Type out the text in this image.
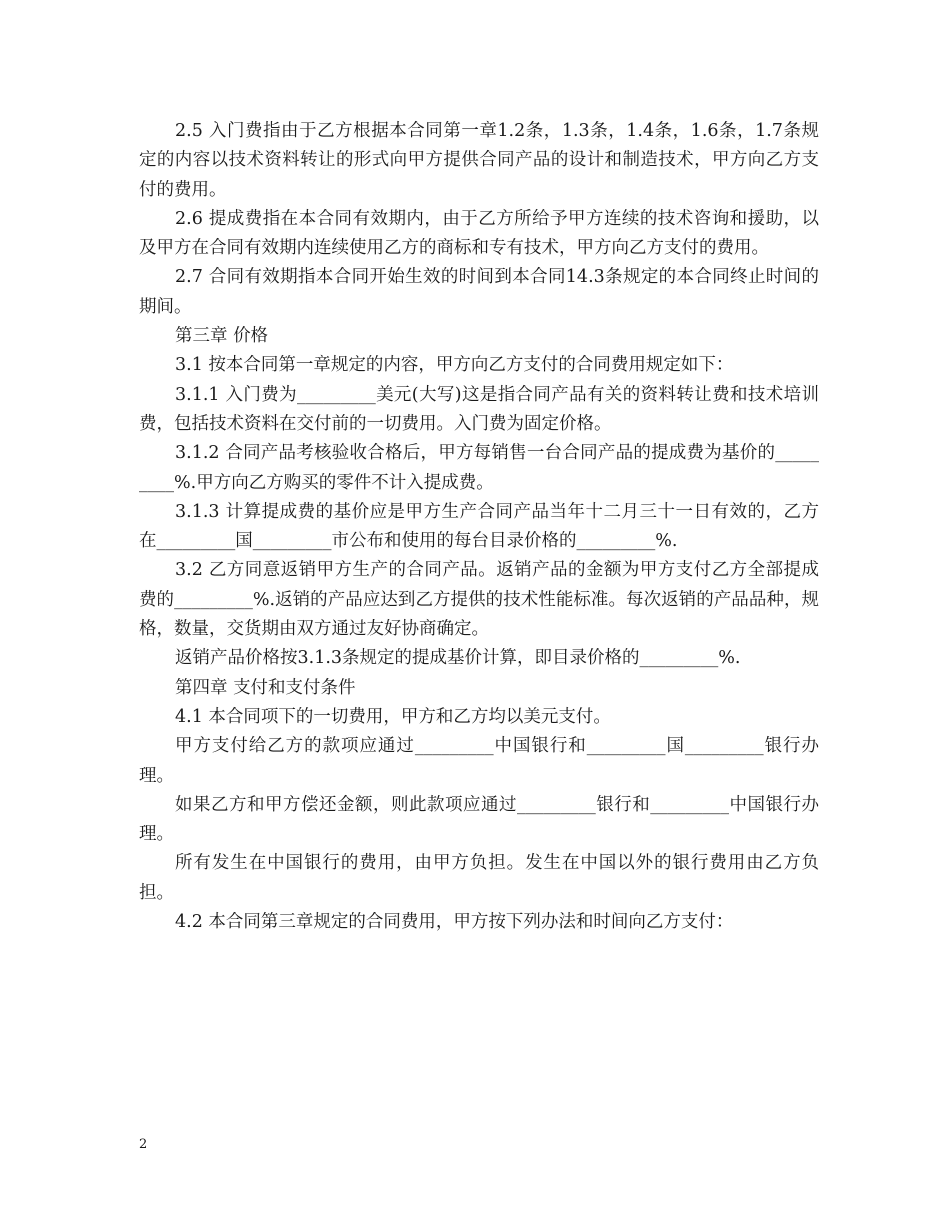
2.5 入门费指由于乙方根据本合同第一章1.2条，1.3条，1.4条，1.6条，1.7条规定的内容以技术资料转让的形式向甲方提供合同产品的设计和制造技术，甲方向乙方支付的费用。

2.6 提成费指在本合同有效期内，由于乙方所给予甲方连续的技术咨询和援助，以及甲方在合同有效期内连续使用乙方的商标和专有技术，甲方向乙方支付的费用。

2.7 合同有效期指本合同开始生效的时间到本合同14.3条规定的本合同终止时间的期间。

第三章 价格

3.1 按本合同第一章规定的内容，甲方向乙方支付的合同费用规定如下：

3.1.1 入门费为_________美元(大写)这是指合同产品有关的资料转让费和技术培训费，包括技术资料在交付前的一切费用。入门费为固定价格。

3.1.2 合同产品考核验收合格后，甲方每销售一台合同产品的提成费为基价的_________%.甲方向乙方购买的零件不计入提成费。

3.1.3 计算提成费的基价应是甲方生产合同产品当年十二月三十一日有效的，乙方在_________国_________市公布和使用的每台目录价格的_________%.

3.2 乙方同意返销甲方生产的合同产品。返销产品的金额为甲方支付乙方全部提成费的_________%.返销的产品应达到乙方提供的技术性能标准。每次返销的产品品种，规格，数量，交货期由双方通过友好协商确定。

返销产品价格按3.1.3条规定的提成基价计算，即目录价格的_________%.

第四章 支付和支付条件

4.1 本合同项下的一切费用，甲方和乙方均以美元支付。

甲方支付给乙方的款项应通过_________中国银行和_________国_________银行办理。

如果乙方和甲方偿还金额，则此款项应通过_________银行和_________中国银行办理。

所有发生在中国银行的费用，由甲方负担。发生在中国以外的银行费用由乙方负担。

4.2 本合同第三章规定的合同费用，甲方按下列办法和时间向乙方支付：

2
